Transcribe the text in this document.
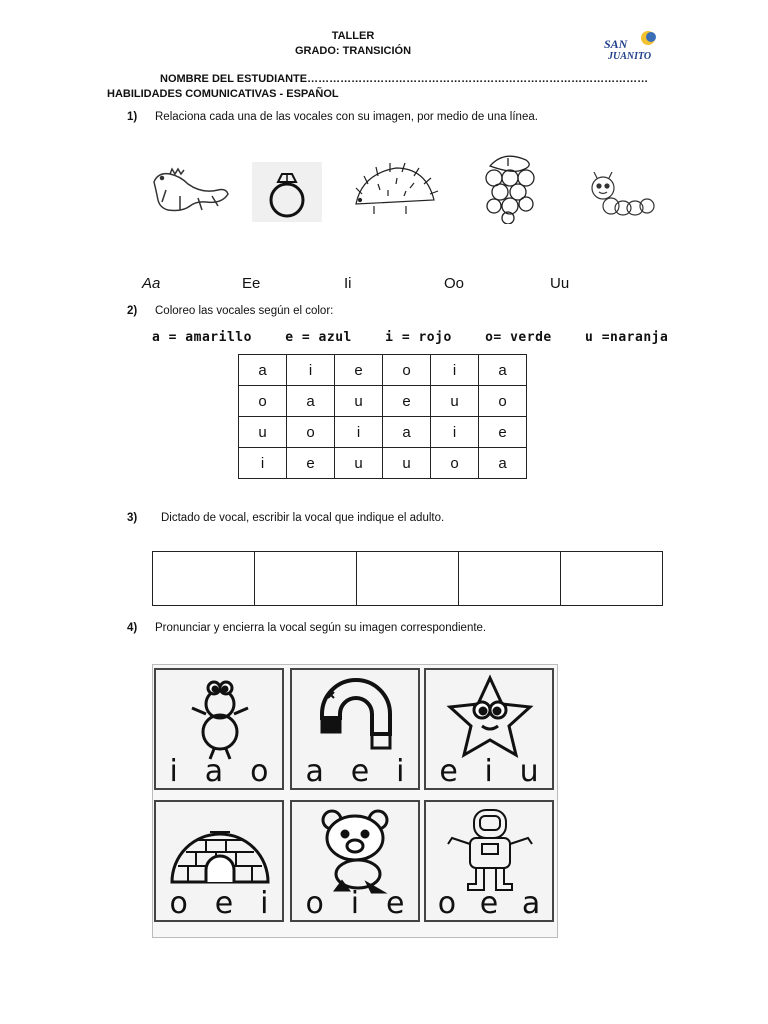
TALLER
GRADO: TRANSICIÓN	SAN
JUANITO
NOMBRE DEL ESTUDIANTE…………………………………………………………………………………
HABILIDADES COMUNICATIVAS - ESPAÑOL
1) Relaciona cada una de las vocales con su imagen, por medio de una línea.
Aa	Ee	Ii	Oo	Uu
2) Coloreo las vocales según el color:
a = amarillo	e = azul	i = rojo	o= verde	u =naranja
a	i	e	o	i	a
o	a	u	e	u	o
u	o	i	a	i	e
i	e	u	u	o	a
3) Dictado de vocal, escribir la vocal que indique el adulto.

4) Pronunciar y encierra la vocal según su imagen correspondiente.
i a o a e i e i u
o e i o i e o e a
